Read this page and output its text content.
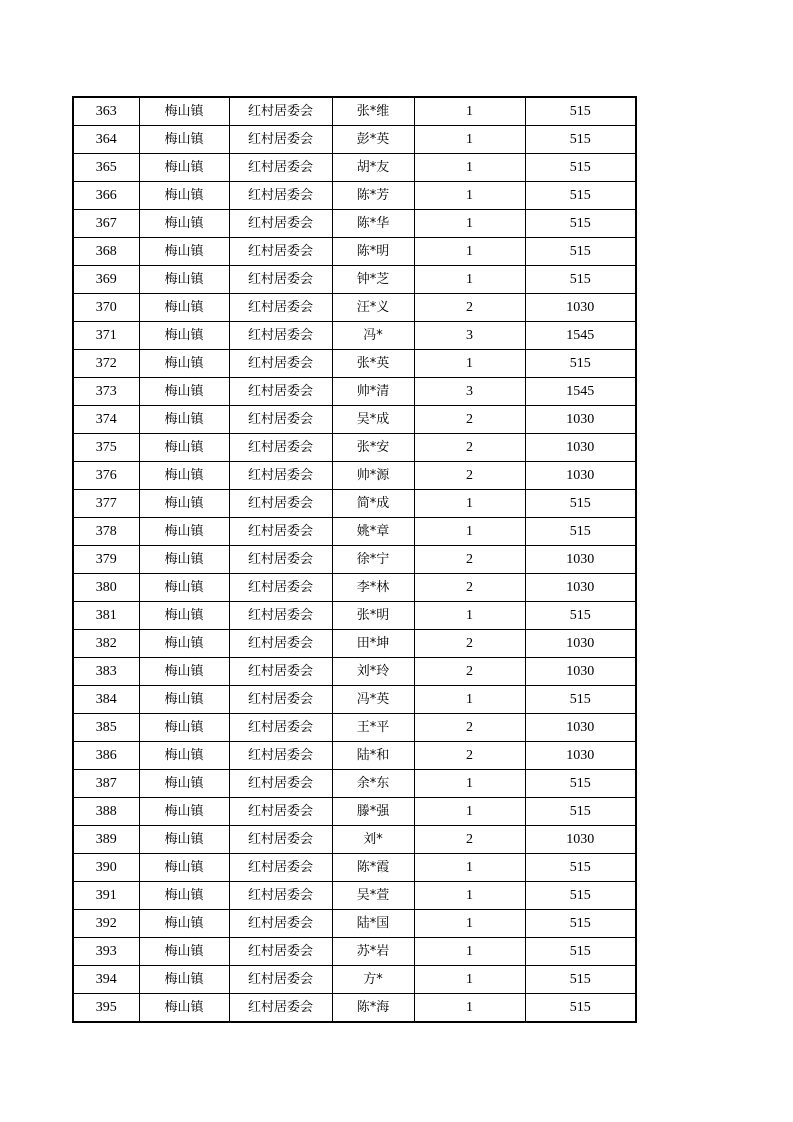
363	梅山镇	红村居委会	张*维	1	515
364	梅山镇	红村居委会	彭*英	1	515
365	梅山镇	红村居委会	胡*友	1	515
366	梅山镇	红村居委会	陈*芳	1	515
367	梅山镇	红村居委会	陈*华	1	515
368	梅山镇	红村居委会	陈*明	1	515
369	梅山镇	红村居委会	钟*芝	1	515
370	梅山镇	红村居委会	汪*义	2	1030
371	梅山镇	红村居委会	冯*	3	1545
372	梅山镇	红村居委会	张*英	1	515
373	梅山镇	红村居委会	帅*清	3	1545
374	梅山镇	红村居委会	吴*成	2	1030
375	梅山镇	红村居委会	张*安	2	1030
376	梅山镇	红村居委会	帅*源	2	1030
377	梅山镇	红村居委会	简*成	1	515
378	梅山镇	红村居委会	姚*章	1	515
379	梅山镇	红村居委会	徐*宁	2	1030
380	梅山镇	红村居委会	李*林	2	1030
381	梅山镇	红村居委会	张*明	1	515
382	梅山镇	红村居委会	田*坤	2	1030
383	梅山镇	红村居委会	刘*玲	2	1030
384	梅山镇	红村居委会	冯*英	1	515
385	梅山镇	红村居委会	王*平	2	1030
386	梅山镇	红村居委会	陆*和	2	1030
387	梅山镇	红村居委会	余*东	1	515
388	梅山镇	红村居委会	滕*强	1	515
389	梅山镇	红村居委会	刘*	2	1030
390	梅山镇	红村居委会	陈*霞	1	515
391	梅山镇	红村居委会	吴*萱	1	515
392	梅山镇	红村居委会	陆*国	1	515
393	梅山镇	红村居委会	苏*岩	1	515
394	梅山镇	红村居委会	方*	1	515
395	梅山镇	红村居委会	陈*海	1	515
